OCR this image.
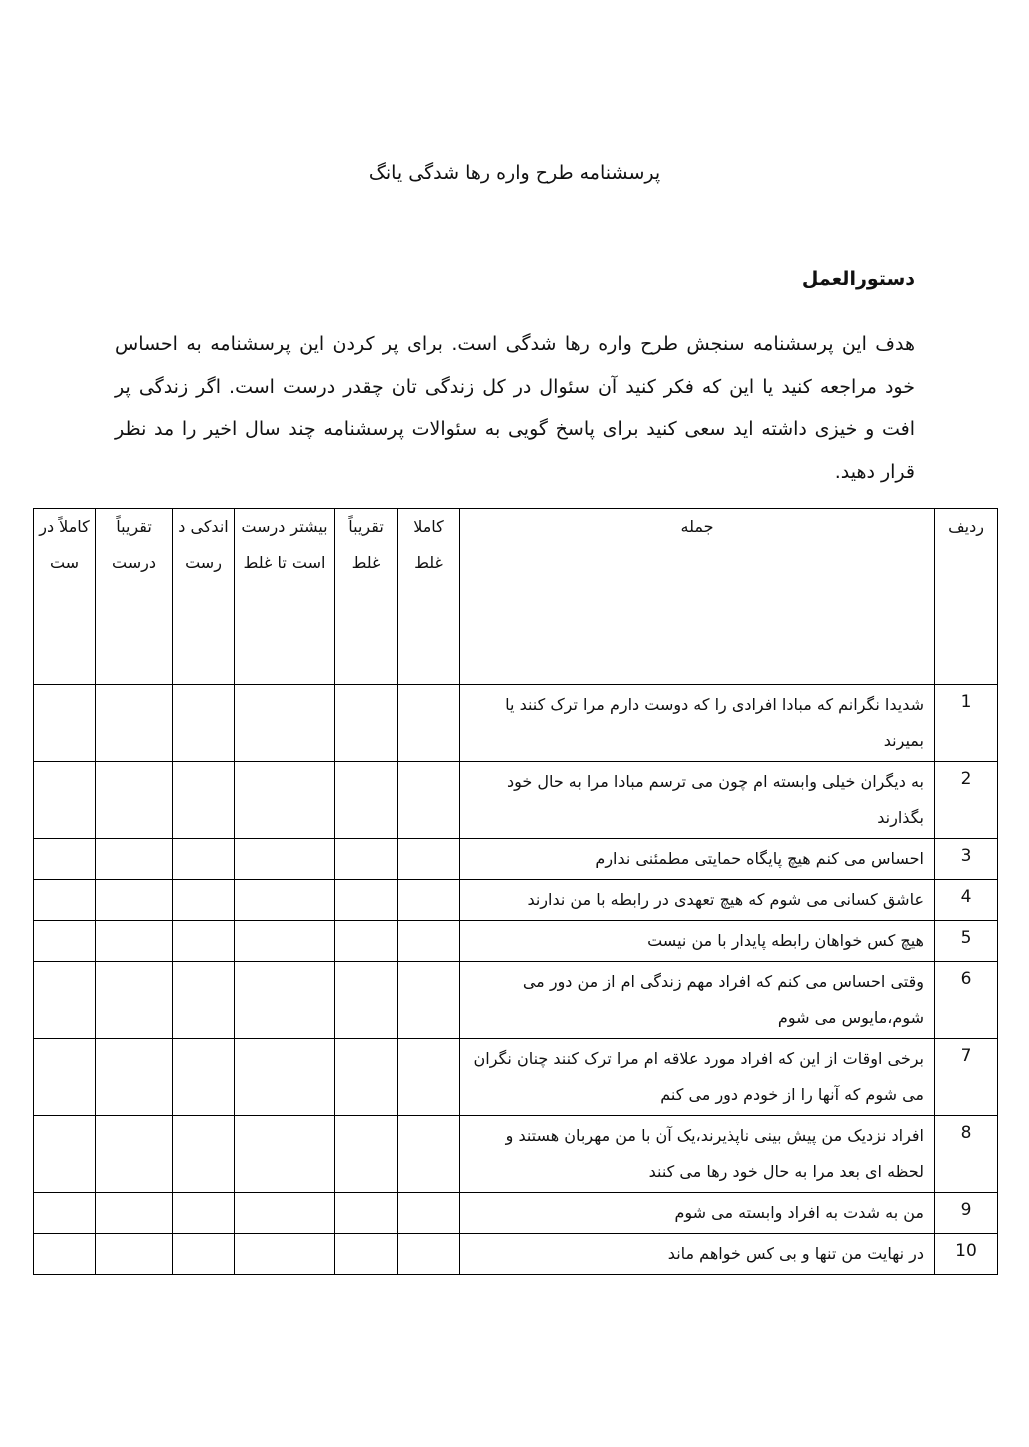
پرسشنامه طرح واره رها شدگی یانگ
دستورالعمل

هدف این پرسشنامه سنجش طرح واره رها شدگی است. برای پر کردن این پرسشنامه به احساس خود مراجعه کنید یا این که فکر کنید آن سئوال در کل زندگی تان چقدر درست است. اگر زندگی پر افت و خیزی داشته اید سعی کنید برای پاسخ گویی به سئوالات پرسشنامه چند سال اخیر را مد نظر قرار دهید.

ردیف	جمله	کاملا غلط	تقریباً غلط	بیشتر درست است تا غلط	اندکی درست	تقریباً درست	کاملاً درست
1	شدیدا نگرانم که مبادا افرادی را که دوست دارم مرا ترک کنند یا بمیرند						
2	به دیگران خیلی وابسته ام چون می ترسم مبادا مرا به حال خود بگذارند						
3	احساس می کنم هیچ پایگاه حمایتی مطمئنی ندارم						
4	عاشق کسانی می شوم که هیچ تعهدی در رابطه با من ندارند						
5	هیچ کس خواهان رابطه پایدار با من نیست						
6	وقتی احساس می کنم که افراد مهم زندگی ام از من دور می شوم،مایوس می شوم						
7	برخی اوقات از این که افراد مورد علاقه ام مرا ترک کنند چنان نگران می شوم که آنها را از خودم دور می کنم						
8	افراد نزدیک من پیش بینی ناپذیرند،یک آن با من مهربان هستند و لحظه ای بعد مرا به حال خود رها می کنند						
9	من به شدت به افراد وابسته می شوم						
10	در نهایت من تنها و بی کس خواهم ماند						
